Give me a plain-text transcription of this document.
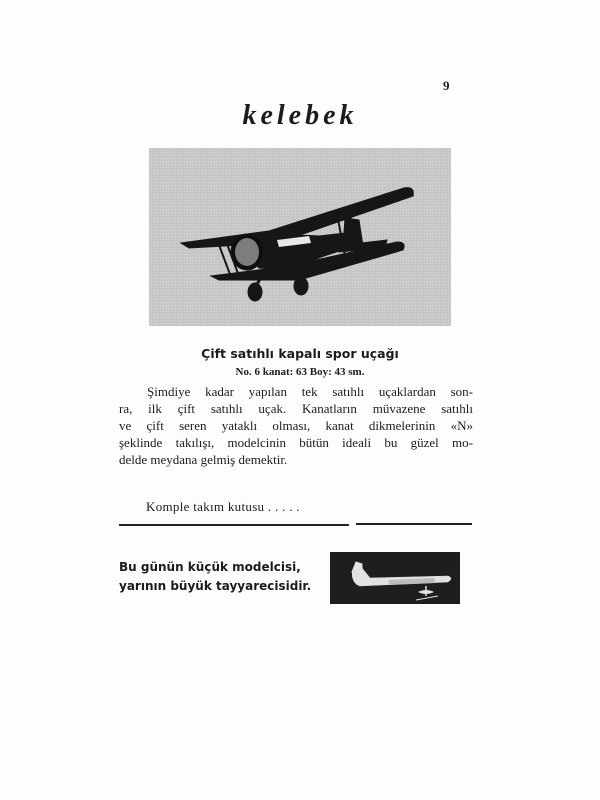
9
kelebek
Çift satıhlı kapalı spor uçağı
No. 6 kanat: 63 Boy: 43 sm.
Şimdiye kadar yapılan tek satıhlı uçaklardan son-
ra, ilk çift satıhlı uçak. Kanatların müvazene satıhlı
ve çift seren yataklı olması, kanat dikmelerinin «N»
şeklinde takılışı, modelcinin bütün ideali bu güzel mo-
delde meydana gelmiş demektir.
Komple takım kutusu . . . . .
Bu günün küçük modelcisi,
yarının büyük tayyarecisidir.
